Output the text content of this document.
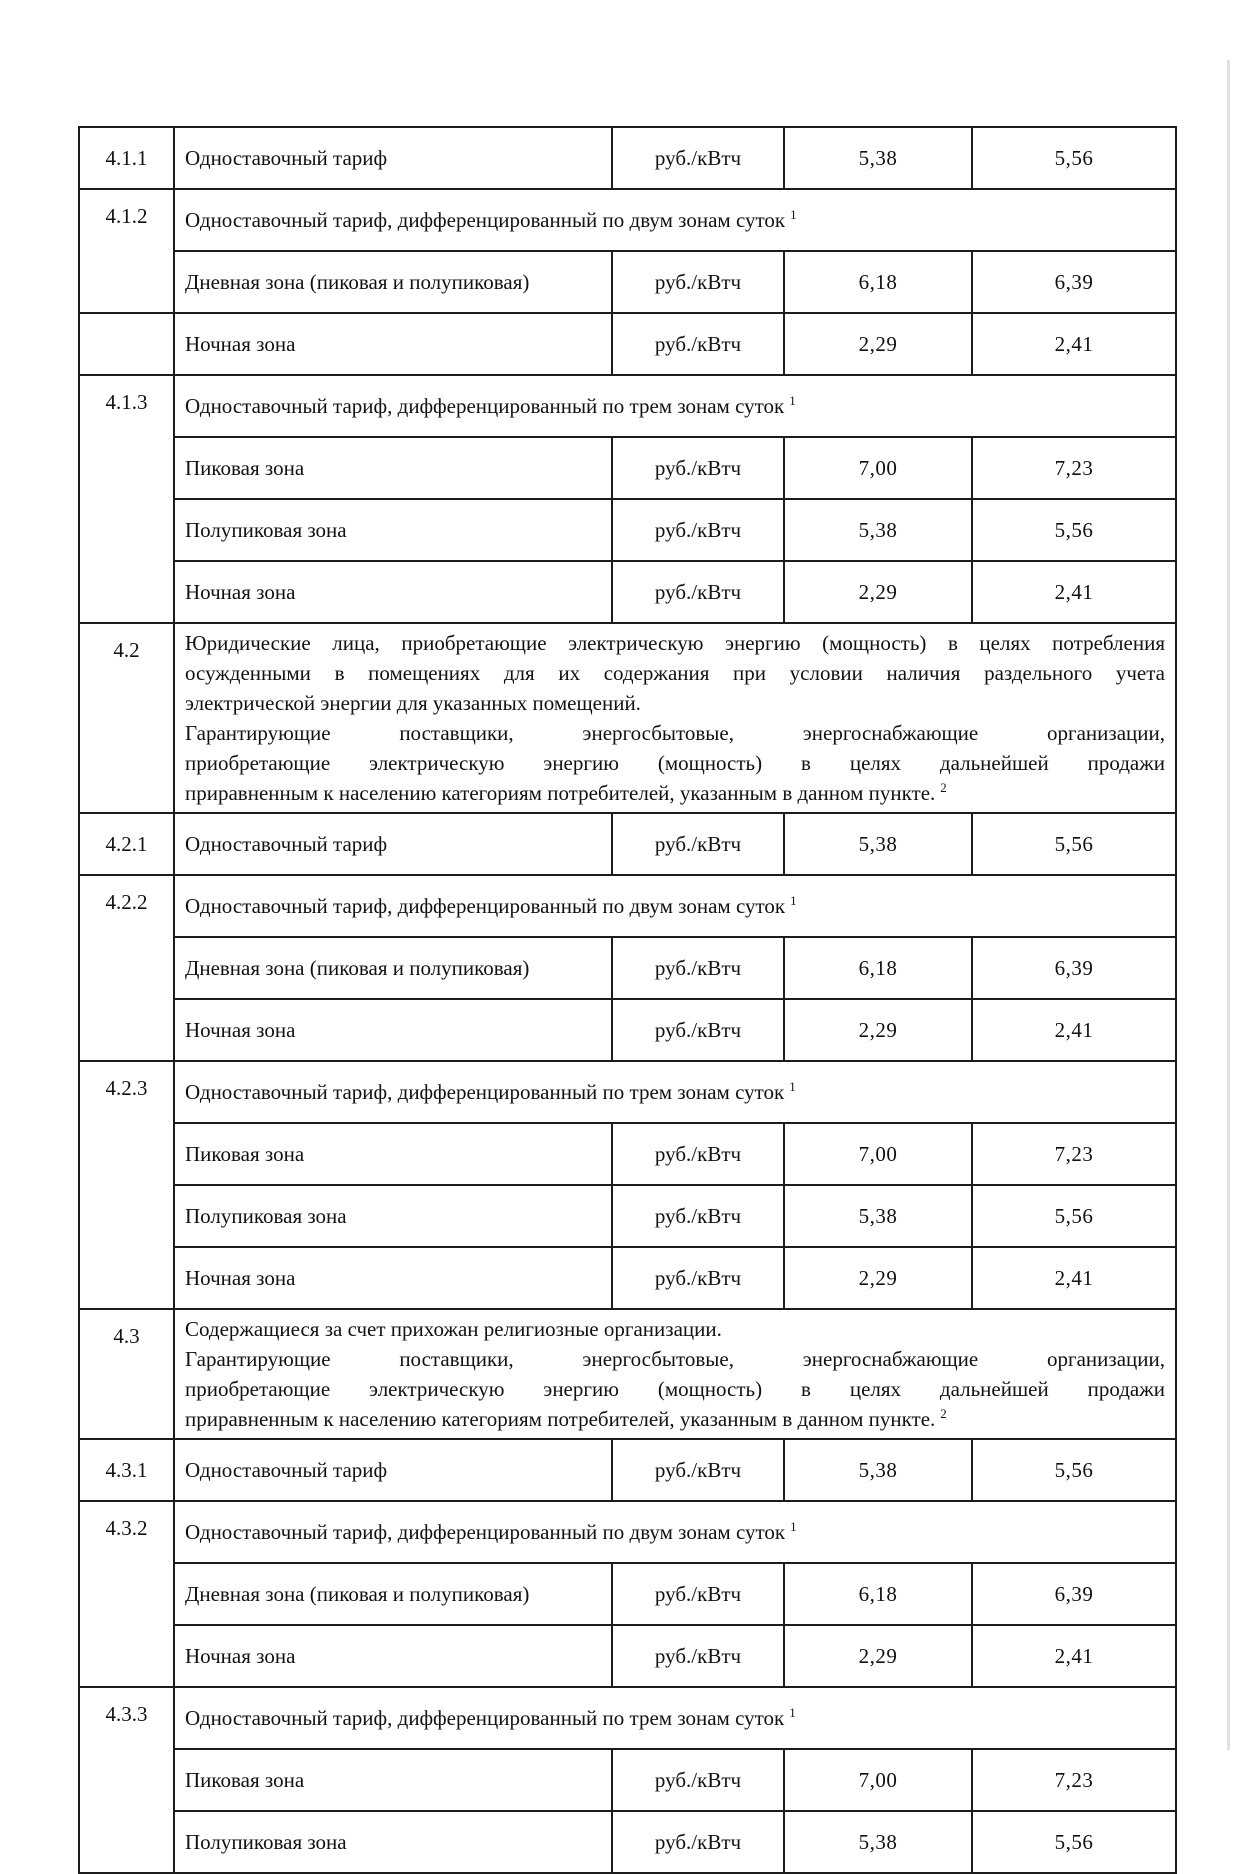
4.1.1	Одноставочный тариф	руб./кВтч	5,38	5,56
4.1.2	Одноставочный тариф, дифференцированный по двум зонам суток $^1$
	Дневная зона (пиковая и полупиковая)	руб./кВтч	6,18	6,39
	Ночная зона	руб./кВтч	2,29	2,41
4.1.3	Одноставочный тариф, дифференцированный по трем зонам суток $^1$
	Пиковая зона	руб./кВтч	7,00	7,23
	Полупиковая зона	руб./кВтч	5,38	5,56
	Ночная зона	руб./кВтч	2,29	2,41
4.2	Юридические лица, приобретающие электрическую энергию (мощность) в целях потребления
осужденными в помещениях для их содержания при условии наличия раздельного учета
электрической энергии для указанных помещений.
Гарантирующие поставщики, энергосбытовые, энергоснабжающие организации,
приобретающие электрическую энергию (мощность) в целях дальнейшей продажи
приравненным к населению категориям потребителей, указанным в данном пункте. $^2$

4.2.1	Одноставочный тариф	руб./кВтч	5,38	5,56
4.2.2	Одноставочный тариф, дифференцированный по двум зонам суток $^1$
	Дневная зона (пиковая и полупиковая)	руб./кВтч	6,18	6,39
	Ночная зона	руб./кВтч	2,29	2,41
4.2.3	Одноставочный тариф, дифференцированный по трем зонам суток $^1$
	Пиковая зона	руб./кВтч	7,00	7,23
	Полупиковая зона	руб./кВтч	5,38	5,56
	Ночная зона	руб./кВтч	2,29	2,41
4.3	Содержащиеся за счет прихожан религиозные организации.
Гарантирующие поставщики, энергосбытовые, энергоснабжающие организации,
приобретающие электрическую энергию (мощность) в целях дальнейшей продажи
приравненным к населению категориям потребителей, указанным в данном пункте. $^2$

4.3.1	Одноставочный тариф	руб./кВтч	5,38	5,56
4.3.2	Одноставочный тариф, дифференцированный по двум зонам суток $^1$
	Дневная зона (пиковая и полупиковая)	руб./кВтч	6,18	6,39
	Ночная зона	руб./кВтч	2,29	2,41
4.3.3	Одноставочный тариф, дифференцированный по трем зонам суток $^1$
	Пиковая зона	руб./кВтч	7,00	7,23
	Полупиковая зона	руб./кВтч	5,38	5,56
